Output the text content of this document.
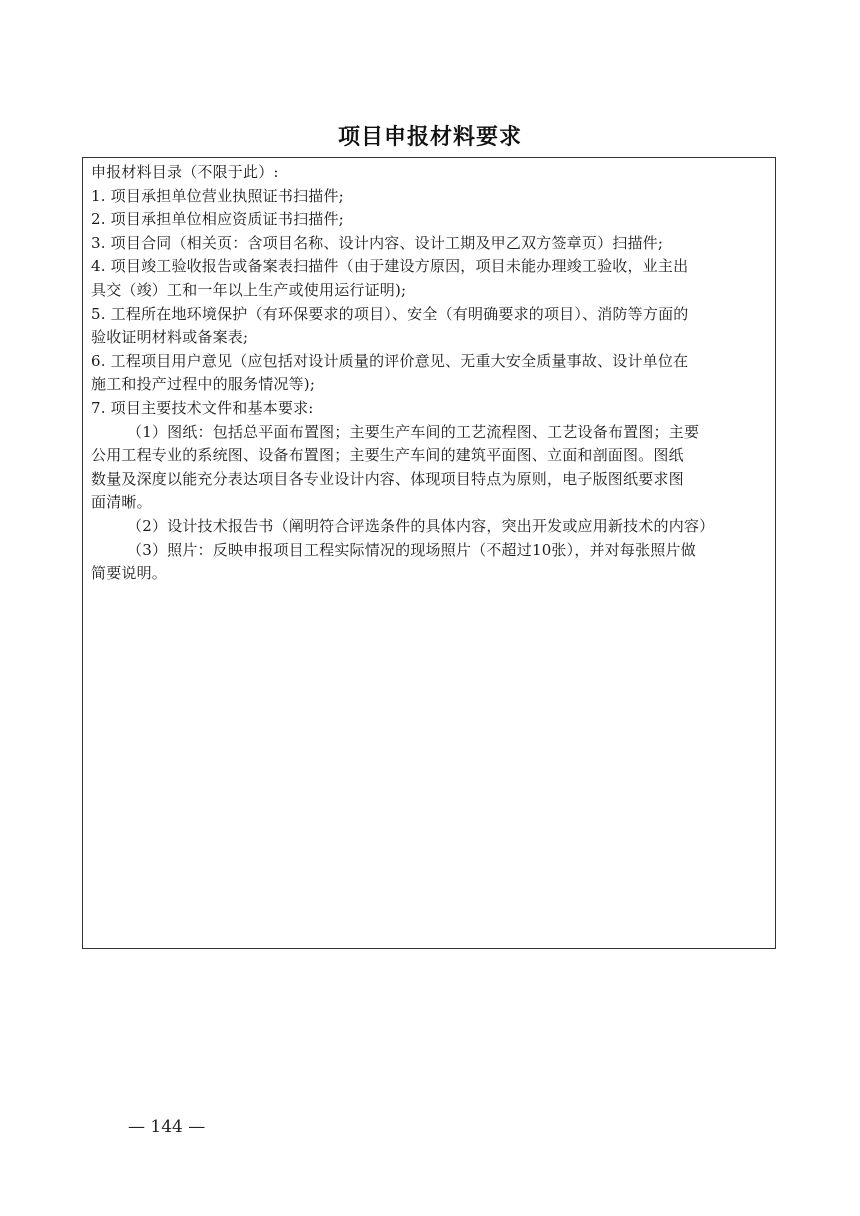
项目申报材料要求
申报材料目录（不限于此）:
1. 项目承担单位营业执照证书扫描件;
2. 项目承担单位相应资质证书扫描件;
3. 项目合同（相关页：含项目名称、设计内容、设计工期及甲乙双方签章页）扫描件;
4. 项目竣工验收报告或备案表扫描件（由于建设方原因，项目未能办理竣工验收，业主出
具交（竣）工和一年以上生产或使用运行证明);
5. 工程所在地环境保护（有环保要求的项目）、安全（有明确要求的项目）、消防等方面的
验收证明材料或备案表;
6. 工程项目用户意见（应包括对设计质量的评价意见、无重大安全质量事故、设计单位在
施工和投产过程中的服务情况等);
7. 项目主要技术文件和基本要求:
（1）图纸：包括总平面布置图；主要生产车间的工艺流程图、工艺设备布置图；主要
公用工程专业的系统图、设备布置图；主要生产车间的建筑平面图、立面和剖面图。图纸
数量及深度以能充分表达项目各专业设计内容、体现项目特点为原则，电子版图纸要求图
面清晰。
（2）设计技术报告书（阐明符合评选条件的具体内容，突出开发或应用新技术的内容）
（3）照片：反映申报项目工程实际情况的现场照片（不超过10张），并对每张照片做
简要说明。
— 144 —
